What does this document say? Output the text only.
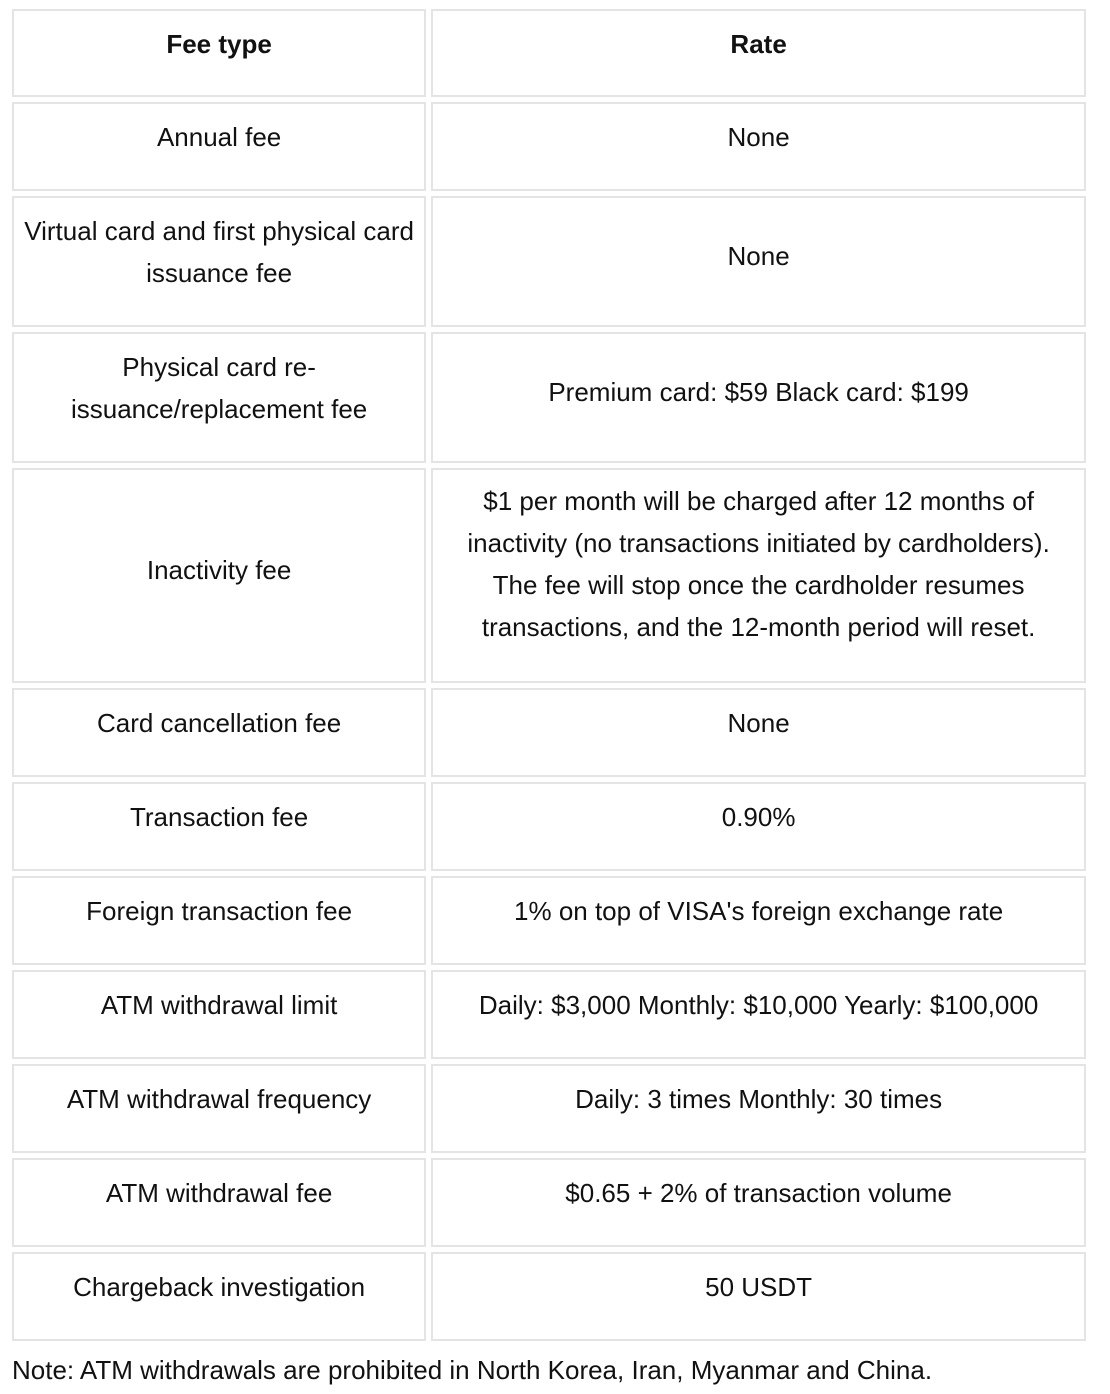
Fee type	Rate
Annual fee	None
Virtual card and first physical card issuance fee	None
Physical card re-issuance/replacement fee	Premium card: $59 Black card: $199
Inactivity fee	$1 per month will be charged after 12 months of inactivity (no transactions initiated by cardholders). The fee will stop once the cardholder resumes transactions, and the 12-month period will reset.
Card cancellation fee	None
Transaction fee	0.90%
Foreign transaction fee	1% on top of VISA's foreign exchange rate
ATM withdrawal limit	Daily: $3,000 Monthly: $10,000 Yearly: $100,000
ATM withdrawal frequency	Daily: 3 times Monthly: 30 times
ATM withdrawal fee	$0.65 + 2% of transaction volume
Chargeback investigation	50 USDT

Note: ATM withdrawals are prohibited in North Korea, Iran, Myanmar and China.
